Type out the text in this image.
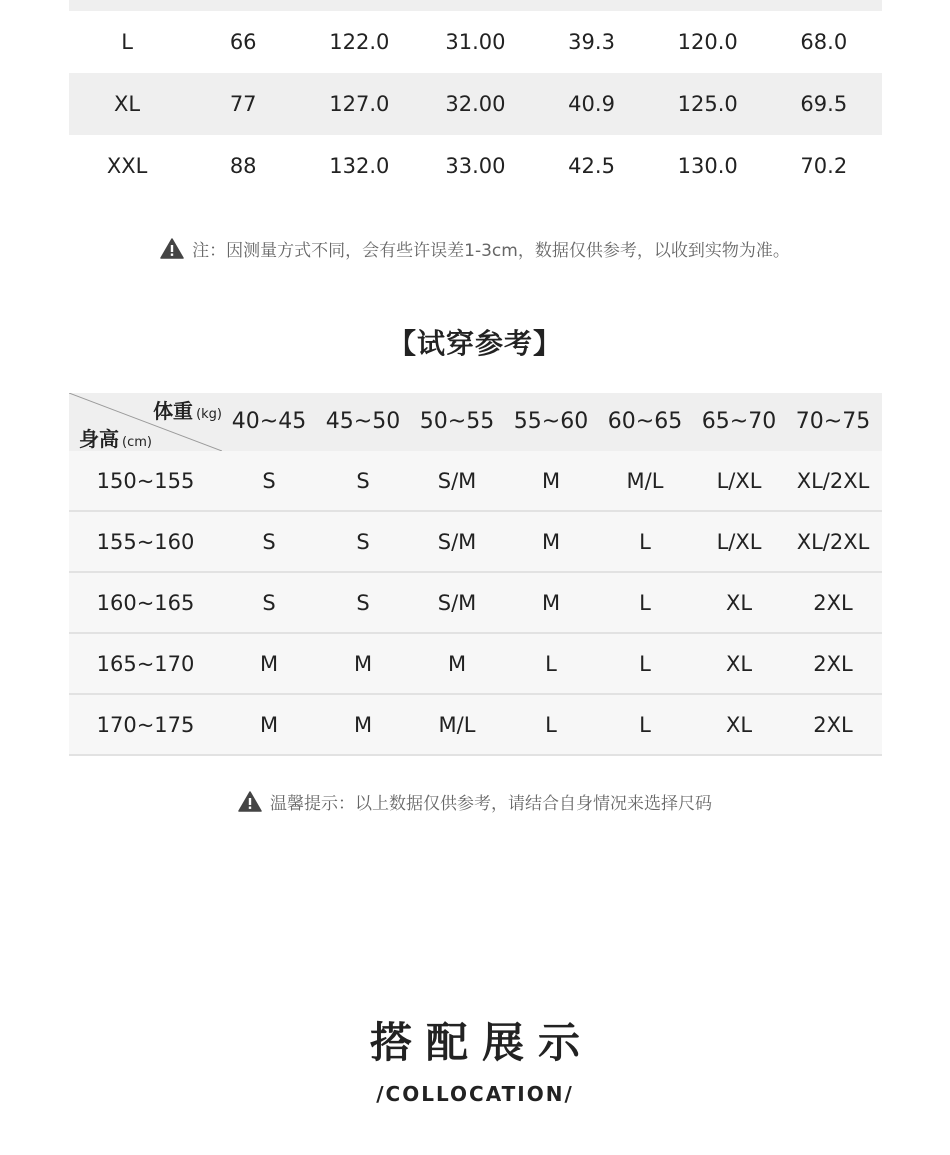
L	66	122.0	31.00	39.3	120.0	68.0
XL	77	127.0	32.00	40.9	125.0	69.5
XXL	88	132.0	33.00	42.5	130.0	70.2
注：因测量方式不同，会有些许误差1-3cm，数据仅供参考，以收到实物为准。
【试穿参考】
体重 (kg)
身高 (cm)
40~45 45~50 50~55 55~60 60~65 65~70 70~75
150~155	S	S	S/M	M	M/L	L/XL	XL/2XL
155~160	S	S	S/M	M	L	L/XL	XL/2XL
160~165	S	S	S/M	M	L	XL	2XL
165~170	M	M	M	L	L	XL	2XL
170~175	M	M	M/L	L	L	XL	2XL
温馨提示：以上数据仅供参考，请结合自身情况来选择尺码
搭配展示
/COLLOCATION/
